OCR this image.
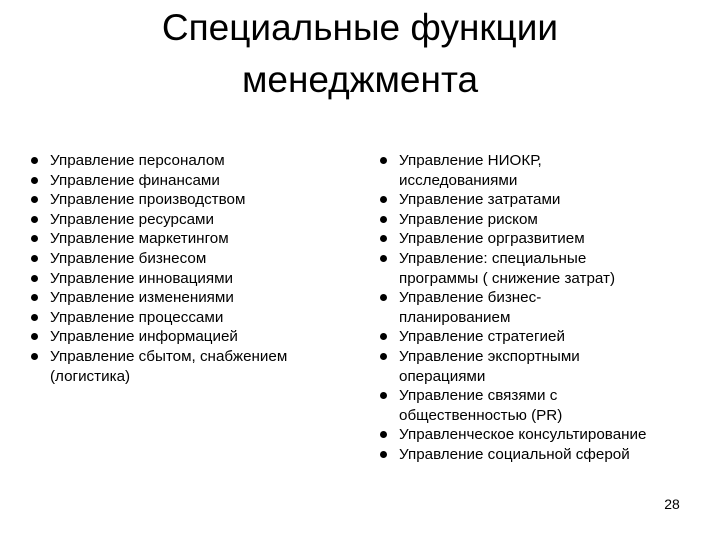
Специальные функции
менеджмента
Управление персоналом
Управление финансами
Управление производством
Управление ресурсами
Управление маркетингом
Управление бизнесом
Управление инновациями
Управление изменениями
Управление процессами
Управление информацией
Управление сбытом, снабжением
(логистика)
Управление НИОКР,
исследованиями
Управление затратами
Управление риском
Управление оргразвитием
Управление: специальные
программы ( снижение затрат)
Управление бизнес-
планированием
Управление стратегией
Управление экспортными
операциями
Управление связями с
общественностью (PR)
Управленческое консультирование
Управление социальной сферой
28
